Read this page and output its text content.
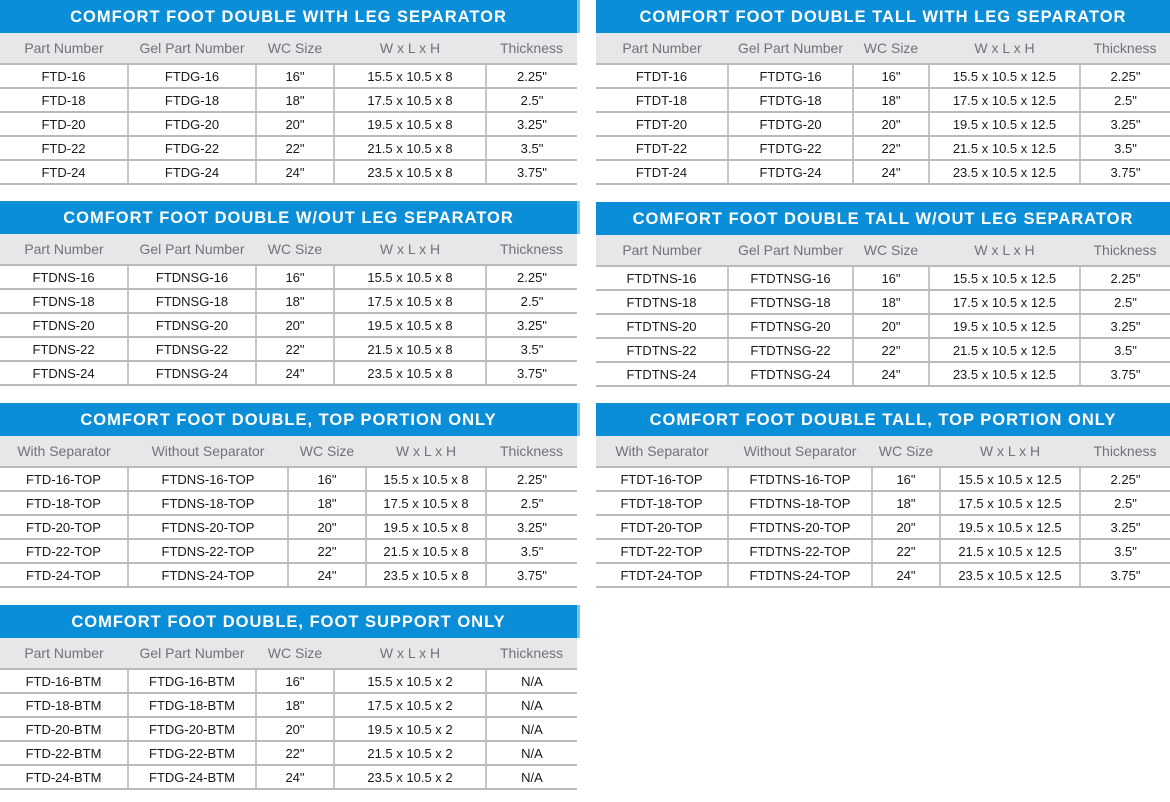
COMFORT FOOT DOUBLE WITH LEG SEPARATOR
Part Number	Gel Part Number	WC Size	W x L x H	Thickness
FTD-16	FTDG-16	16"	15.5 x 10.5 x 8	2.25"
FTD-18	FTDG-18	18"	17.5 x 10.5 x 8	2.5"
FTD-20	FTDG-20	20"	19.5 x 10.5 x 8	3.25"
FTD-22	FTDG-22	22"	21.5 x 10.5 x 8	3.5"
FTD-24	FTDG-24	24"	23.5 x 10.5 x 8	3.75"
COMFORT FOOT DOUBLE TALL WITH LEG SEPARATOR
Part Number	Gel Part Number	WC Size	W x L x H	Thickness
FTDT-16	FTDTG-16	16"	15.5 x 10.5 x 12.5	2.25"
FTDT-18	FTDTG-18	18"	17.5 x 10.5 x 12.5	2.5"
FTDT-20	FTDTG-20	20"	19.5 x 10.5 x 12.5	3.25"
FTDT-22	FTDTG-22	22"	21.5 x 10.5 x 12.5	3.5"
FTDT-24	FTDTG-24	24"	23.5 x 10.5 x 12.5	3.75"
COMFORT FOOT DOUBLE W/OUT LEG SEPARATOR
Part Number	Gel Part Number	WC Size	W x L x H	Thickness
FTDNS-16	FTDNSG-16	16"	15.5 x 10.5 x 8	2.25"
FTDNS-18	FTDNSG-18	18"	17.5 x 10.5 x 8	2.5"
FTDNS-20	FTDNSG-20	20"	19.5 x 10.5 x 8	3.25"
FTDNS-22	FTDNSG-22	22"	21.5 x 10.5 x 8	3.5"
FTDNS-24	FTDNSG-24	24"	23.5 x 10.5 x 8	3.75"
COMFORT FOOT DOUBLE TALL W/OUT LEG SEPARATOR
Part Number	Gel Part Number	WC Size	W x L x H	Thickness
FTDTNS-16	FTDTNSG-16	16"	15.5 x 10.5 x 12.5	2.25"
FTDTNS-18	FTDTNSG-18	18"	17.5 x 10.5 x 12.5	2.5"
FTDTNS-20	FTDTNSG-20	20"	19.5 x 10.5 x 12.5	3.25"
FTDTNS-22	FTDTNSG-22	22"	21.5 x 10.5 x 12.5	3.5"
FTDTNS-24	FTDTNSG-24	24"	23.5 x 10.5 x 12.5	3.75"
COMFORT FOOT DOUBLE, TOP PORTION ONLY
With Separator	Without Separator	WC Size	W x L x H	Thickness
FTD-16-TOP	FTDNS-16-TOP	16"	15.5 x 10.5 x 8	2.25"
FTD-18-TOP	FTDNS-18-TOP	18"	17.5 x 10.5 x 8	2.5"
FTD-20-TOP	FTDNS-20-TOP	20"	19.5 x 10.5 x 8	3.25"
FTD-22-TOP	FTDNS-22-TOP	22"	21.5 x 10.5 x 8	3.5"
FTD-24-TOP	FTDNS-24-TOP	24"	23.5 x 10.5 x 8	3.75"
COMFORT FOOT DOUBLE TALL, TOP PORTION ONLY
With Separator	Without Separator	WC Size	W x L x H	Thickness
FTDT-16-TOP	FTDTNS-16-TOP	16"	15.5 x 10.5 x 12.5	2.25"
FTDT-18-TOP	FTDTNS-18-TOP	18"	17.5 x 10.5 x 12.5	2.5"
FTDT-20-TOP	FTDTNS-20-TOP	20"	19.5 x 10.5 x 12.5	3.25"
FTDT-22-TOP	FTDTNS-22-TOP	22"	21.5 x 10.5 x 12.5	3.5"
FTDT-24-TOP	FTDTNS-24-TOP	24"	23.5 x 10.5 x 12.5	3.75"
COMFORT FOOT DOUBLE, FOOT SUPPORT ONLY
Part Number	Gel Part Number	WC Size	W x L x H	Thickness
FTD-16-BTM	FTDG-16-BTM	16"	15.5 x 10.5 x 2	N/A
FTD-18-BTM	FTDG-18-BTM	18"	17.5 x 10.5 x 2	N/A
FTD-20-BTM	FTDG-20-BTM	20"	19.5 x 10.5 x 2	N/A
FTD-22-BTM	FTDG-22-BTM	22"	21.5 x 10.5 x 2	N/A
FTD-24-BTM	FTDG-24-BTM	24"	23.5 x 10.5 x 2	N/A
